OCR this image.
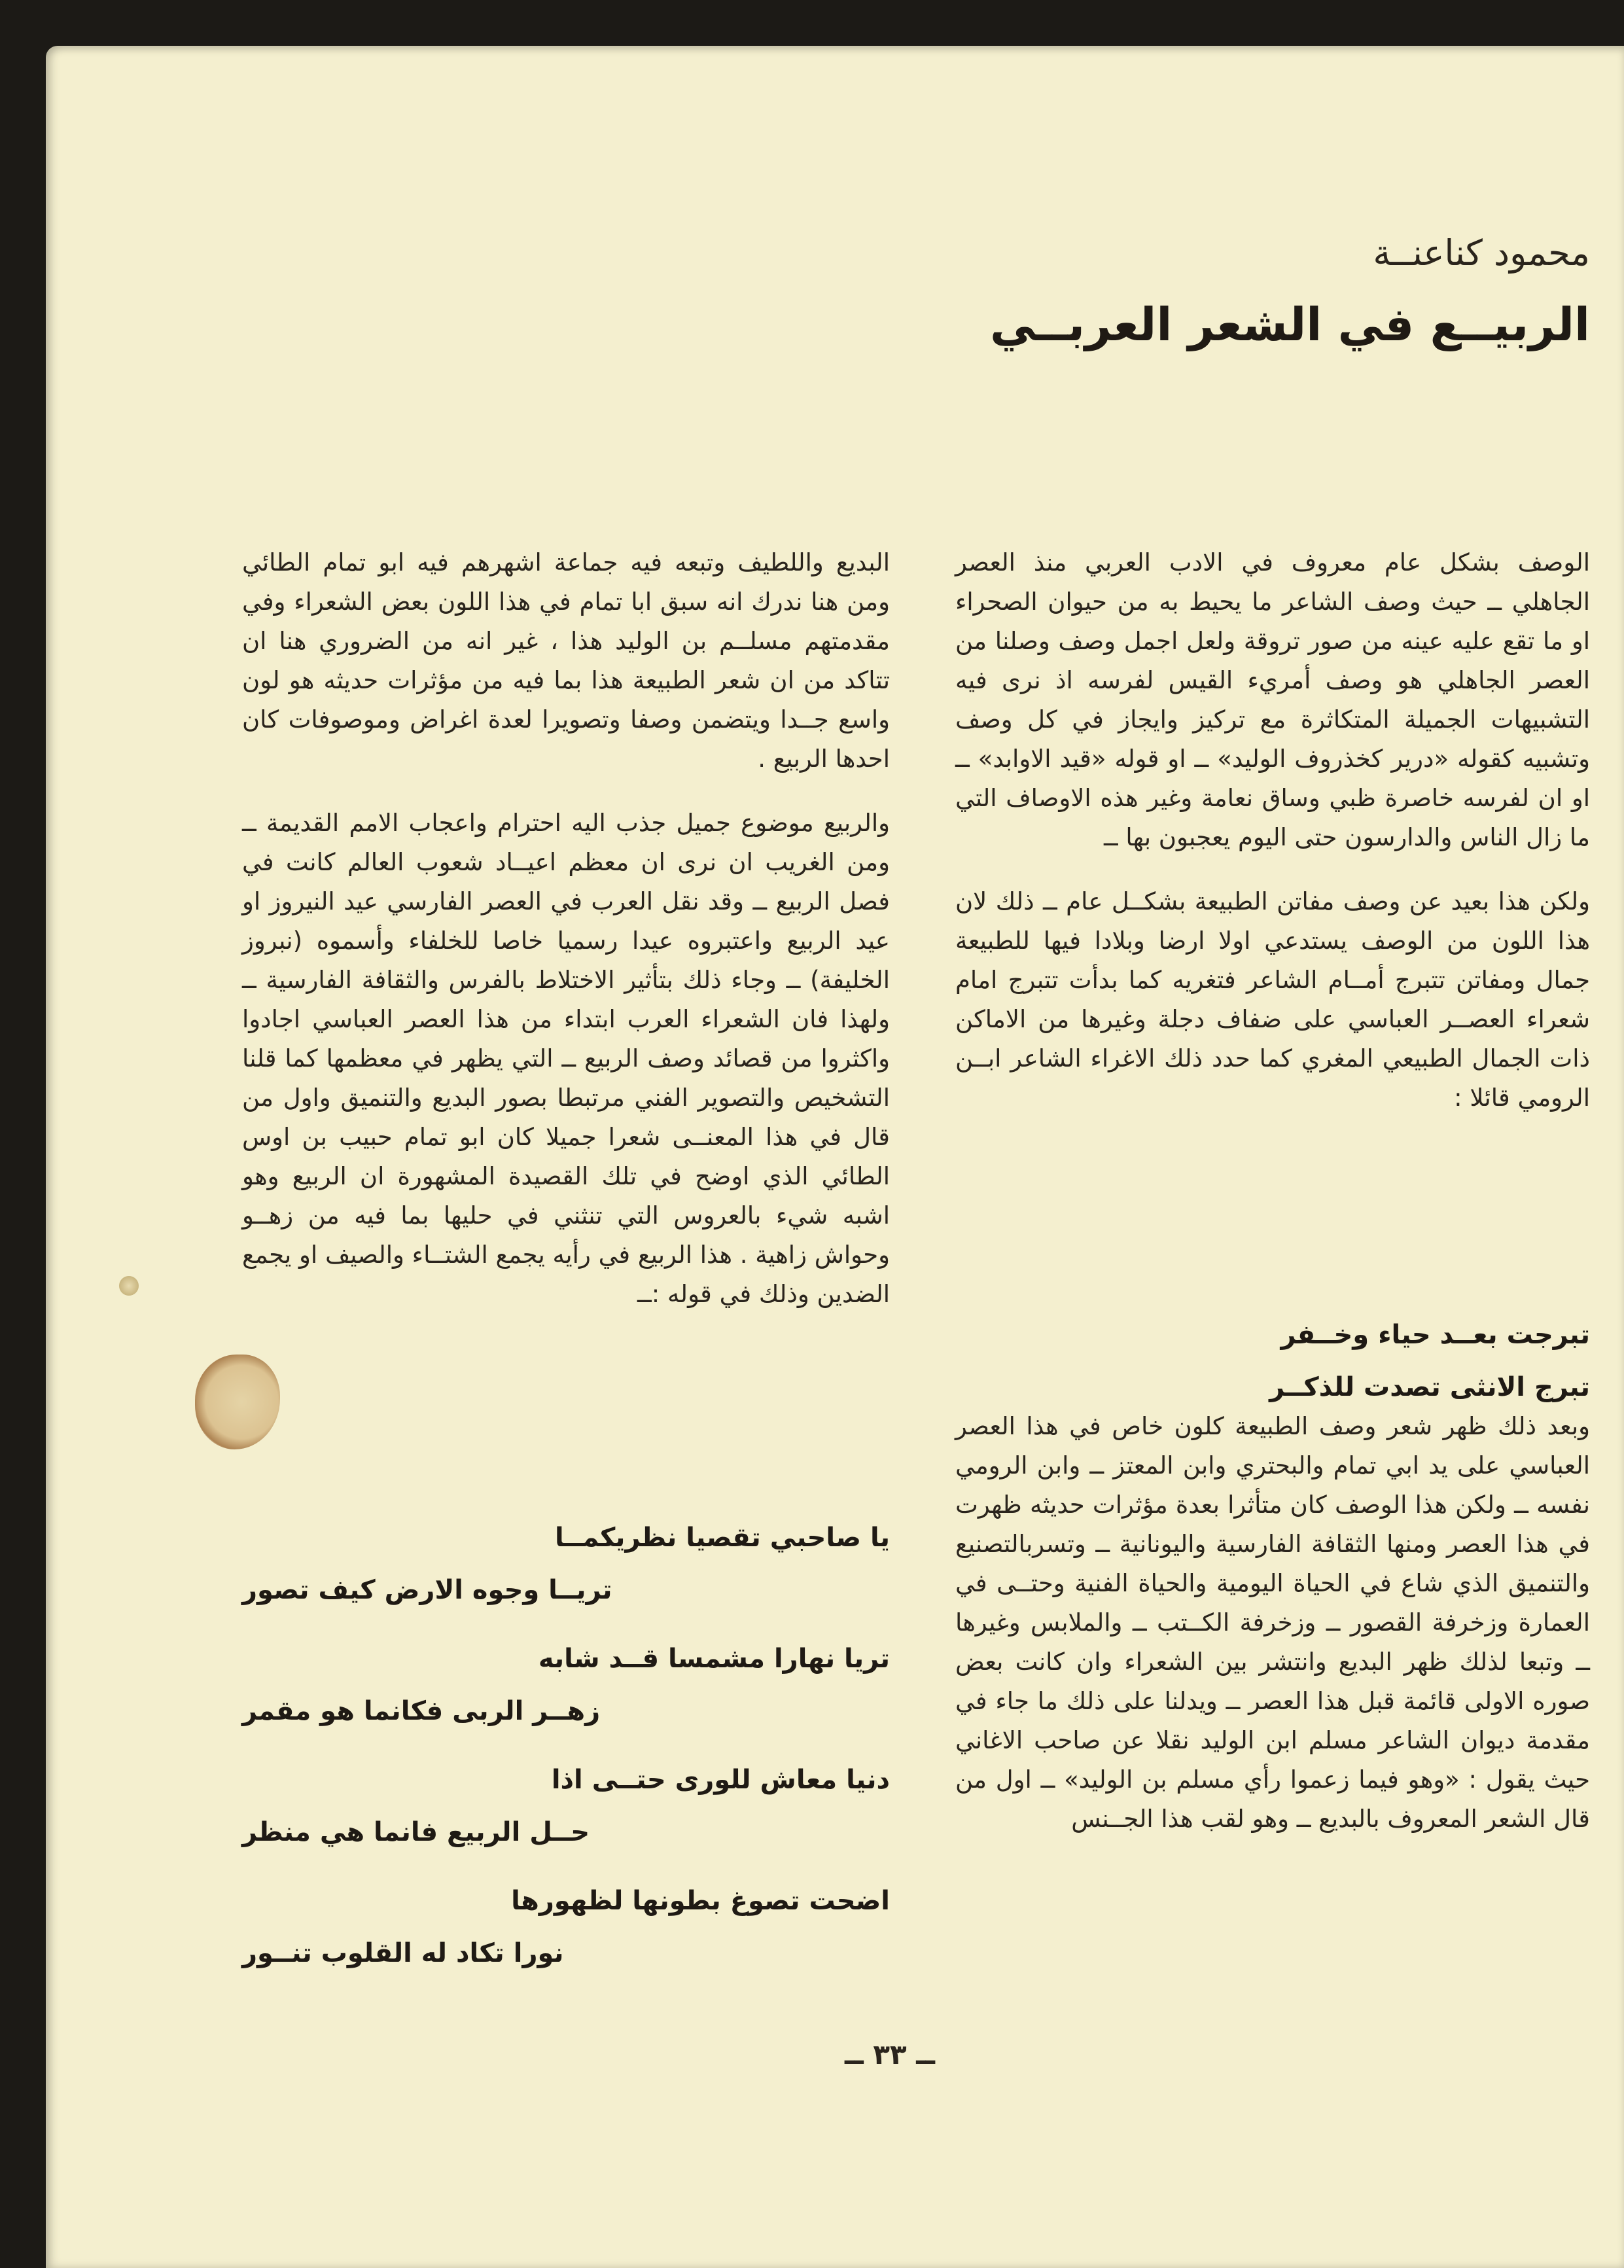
محمود كناعنــة
الربيــع في الشعر العربــي

الوصف بشكل عام معروف في الادب العربي منذ العصر الجاهلي ــ حيث وصف الشاعر ما يحيط به من حيوان الصحراء او ما تقع عليه عينه من صور تروقة ولعل اجمل وصف وصلنا من العصر الجاهلي هو وصف أمريء القيس لفرسه اذ نرى فيه التشبيهات الجميلة المتكاثرة مع تركيز وايجاز في كل وصف وتشبيه كقوله «درير كخذروف الوليد» ــ او قوله «قيد الاوابد» ــ او ان لفرسه خاصرة ظبي وساق نعامة وغير هذه الاوصاف التي ما زال الناس والدارسون حتى اليوم يعجبون بها ــ

ولكن هذا بعيد عن وصف مفاتن الطبيعة بشكــل عام ــ ذلك لان هذا اللون من الوصف يستدعي اولا ارضا وبلادا فيها للطبيعة جمال ومفاتن تتبرج أمــام الشاعر فتغريه كما بدأت تتبرج امام شعراء العصــر العباسي على ضفاف دجلة وغيرها من الاماكن ذات الجمال الطبيعي المغري كما حدد ذلك الاغراء الشاعر ابــن الرومي قائلا :

تبرجت بعــد حياء وخــفر
تبرج الانثى تصدت للذكــر

وبعد ذلك ظهر شعر وصف الطبيعة كلون خاص في هذا العصر العباسي على يد ابي تمام والبحتري وابن المعتز ــ وابن الرومي نفسه ــ ولكن هذا الوصف كان متأثرا بعدة مؤثرات حديثه ظهرت في هذا العصر ومنها الثقافة الفارسية واليونانية ــ وتسربالتصنيع والتنميق الذي شاع في الحياة اليومية والحياة الفنية وحتــى في العمارة وزخرفة القصور ــ وزخرفة الكــتب ــ والملابس وغيرها ــ وتبعا لذلك ظهر البديع وانتشر بين الشعراء وان كانت بعض صوره الاولى قائمة قبل هذا العصر ــ ويدلنا على ذلك ما جاء في مقدمة ديوان الشاعر مسلم ابن الوليد نقلا عن صاحب الاغاني حيث يقول : «وهو فيما زعموا رأي مسلم بن الوليد» ــ اول من قال الشعر المعروف بالبديع ــ وهو لقب هذا الجــنس

البديع واللطيف وتبعه فيه جماعة اشهرهم فيه ابو تمام الطائي ومن هنا ندرك انه سبق ابا تمام في هذا اللون بعض الشعراء وفي مقدمتهم مسلــم بن الوليد هذا ، غير انه من الضروري هنا ان تتاكد من ان شعر الطبيعة هذا بما فيه من مؤثرات حديثه هو لون واسع جــدا ويتضمن وصفا وتصويرا لعدة اغراض وموصوفات كان احدها الربيع .

والربيع موضوع جميل جذب اليه احترام واعجاب الامم القديمة ــ ومن الغريب ان نرى ان معظم اعيــاد شعوب العالم كانت في فصل الربيع ــ وقد نقل العرب في العصر الفارسي عيد النيروز او عيد الربيع واعتبروه عيدا رسميا خاصا للخلفاء وأسموه (نبروز الخليفة) ــ وجاء ذلك بتأثير الاختلاط بالفرس والثقافة الفارسية ــ ولهذا فان الشعراء العرب ابتداء من هذا العصر العباسي اجادوا واكثروا من قصائد وصف الربيع ــ التي يظهر في معظمها كما قلنا التشخيص والتصوير الفني مرتبطا بصور البديع والتنميق واول من قال في هذا المعنــى شعرا جميلا كان ابو تمام حبيب بن اوس الطائي الذي اوضح في تلك القصيدة المشهورة ان الربيع وهو اشبه شيء بالعروس التي تنثني في حليها بما فيه من زهــو وحواش زاهية . هذا الربيع في رأيه يجمع الشتــاء والصيف او يجمع الضدين وذلك في قوله :ــ

يا صاحبي تقصيا نظريكمــا
تريــا وجوه الارض كيف تصور
تريا نهارا مشمسا قــد شابه
زهــر الربى فكانما هو مقمر
دنيا معاش للورى حتــى اذا
حــل الربيع فانما هي منظر
اضحت تصوغ بطونها لظهورها
نورا تكاد له القلوب تنــور
ــ ٣٣ ــ
